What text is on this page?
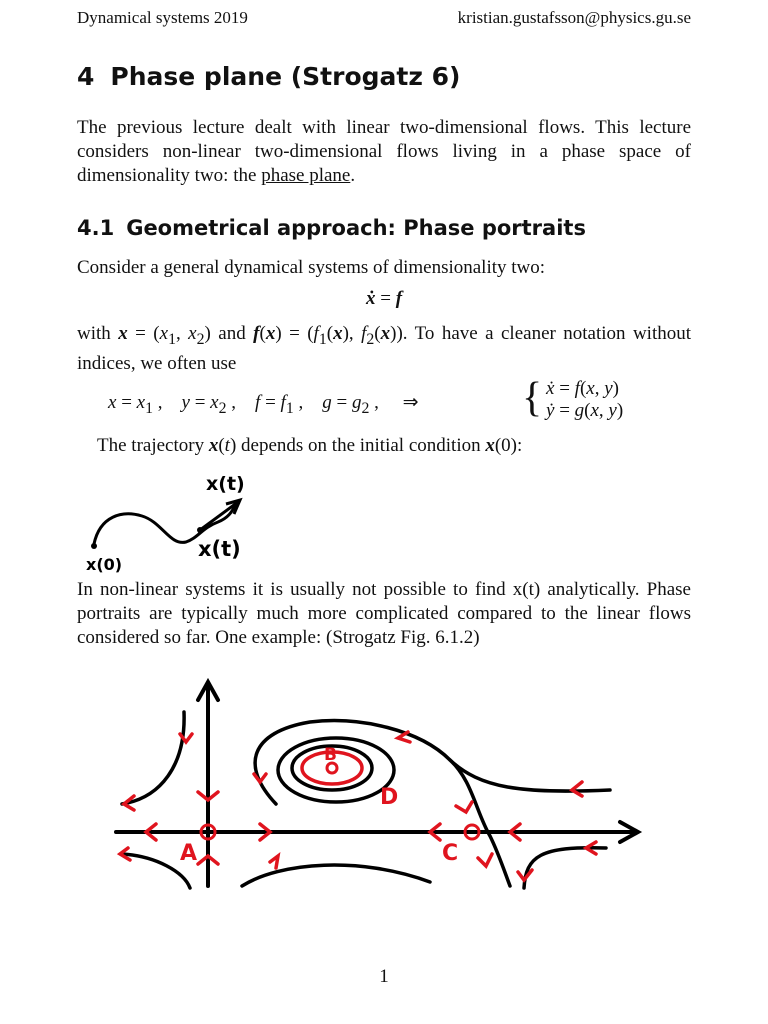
Dynamical systems 2019	kristian.gustafsson@physics.gu.se
4 Phase plane (Strogatz 6)

The previous lecture dealt with linear two-dimensional flows. This lecture considers non-linear two-dimensional flows living in a phase space of dimensionality two: the phase plane.

4.1 Geometrical approach: Phase portraits

Consider a general dynamical systems of dimensionality two:

ẋ = f

with $x = (x_1$, $x_2$) and $f(x) = (f_1(x)$, $f_2(x)$). To have a cleaner notation without indices, we often use

$x = x_1$ ,    $y = x_2$ ,    $f = f_1$ ,    $g = g_2$ ,     ⇒ { ẋ = f(x, y)
ẏ = g(x, y)

The trajectory x(t) depends on the initial condition x(0):

x(t)
x(t)
x(0)

In non-linear systems it is usually not possible to find x(t) analytically. Phase portraits are typically much more complicated compared to the linear flows considered so far. One example: (Strogatz Fig. 6.1.2)

A
B
C
D
1
